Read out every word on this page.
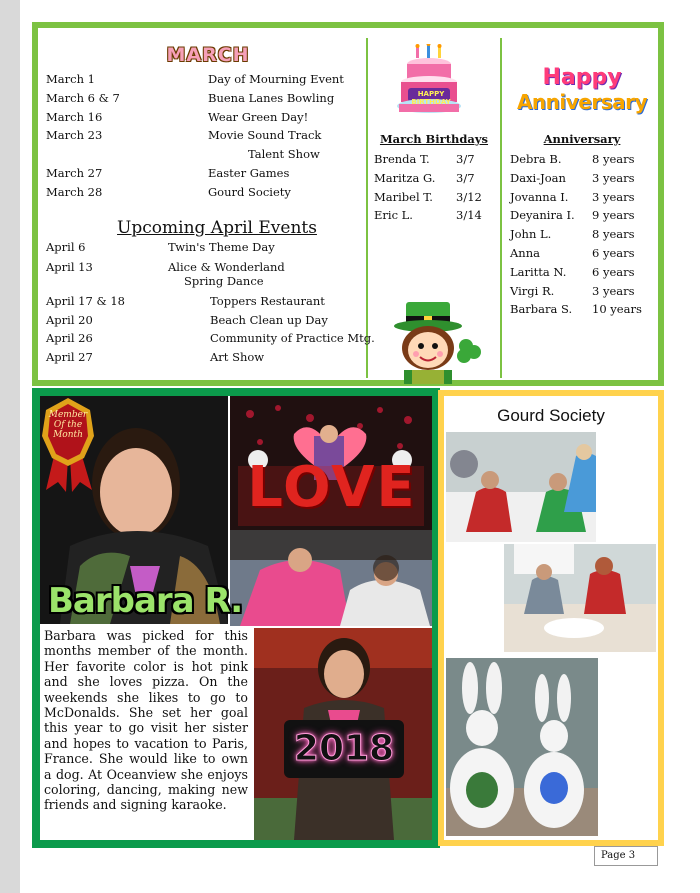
MARCH
March 1	Day of Mourning Event
March 6 & 7	Buena Lanes Bowling
March 16	Wear Green Day!
March 23	Movie Sound Track
Talent Show
March 27	Easter Games
March 28	Gourd Society
Upcoming April Events
April 6	Twin's Theme Day
April 13	Alice & Wonderland
Spring Dance
April 17 & 18	Toppers Restaurant
April 20	Beach Clean up Day
April 26	Community of Practice Mtg.
April 27	Art Show
HAPPY BIRTHDAY
March Birthdays
Brenda T.	3/7
Maritza G.	3/7
Maribel T.	3/12
Eric L.	3/14
Happy
Anniversary
Anniversary
Debra B.	8 years
Daxi-Joan	3 years
Jovanna I.	3 years
Deyanira I.	9 years
John L.	8 years
Anna	6 years
Laritta N.	6 years
Virgi R.	3 years
Barbara S.	10 years
Member
Of the
Month
LOVE
Barbara R.
Barbara was picked for this months member of the month. Her favorite color is hot pink and she loves pizza. On the weekends she likes to go to McDonalds. She set her goal this year to go visit her sister and hopes to vacation to Paris, France. She would like to own a dog. At Oceanview she enjoys coloring, dancing, making new friends and signing karaoke.
2018
Gourd Society
Page 3
